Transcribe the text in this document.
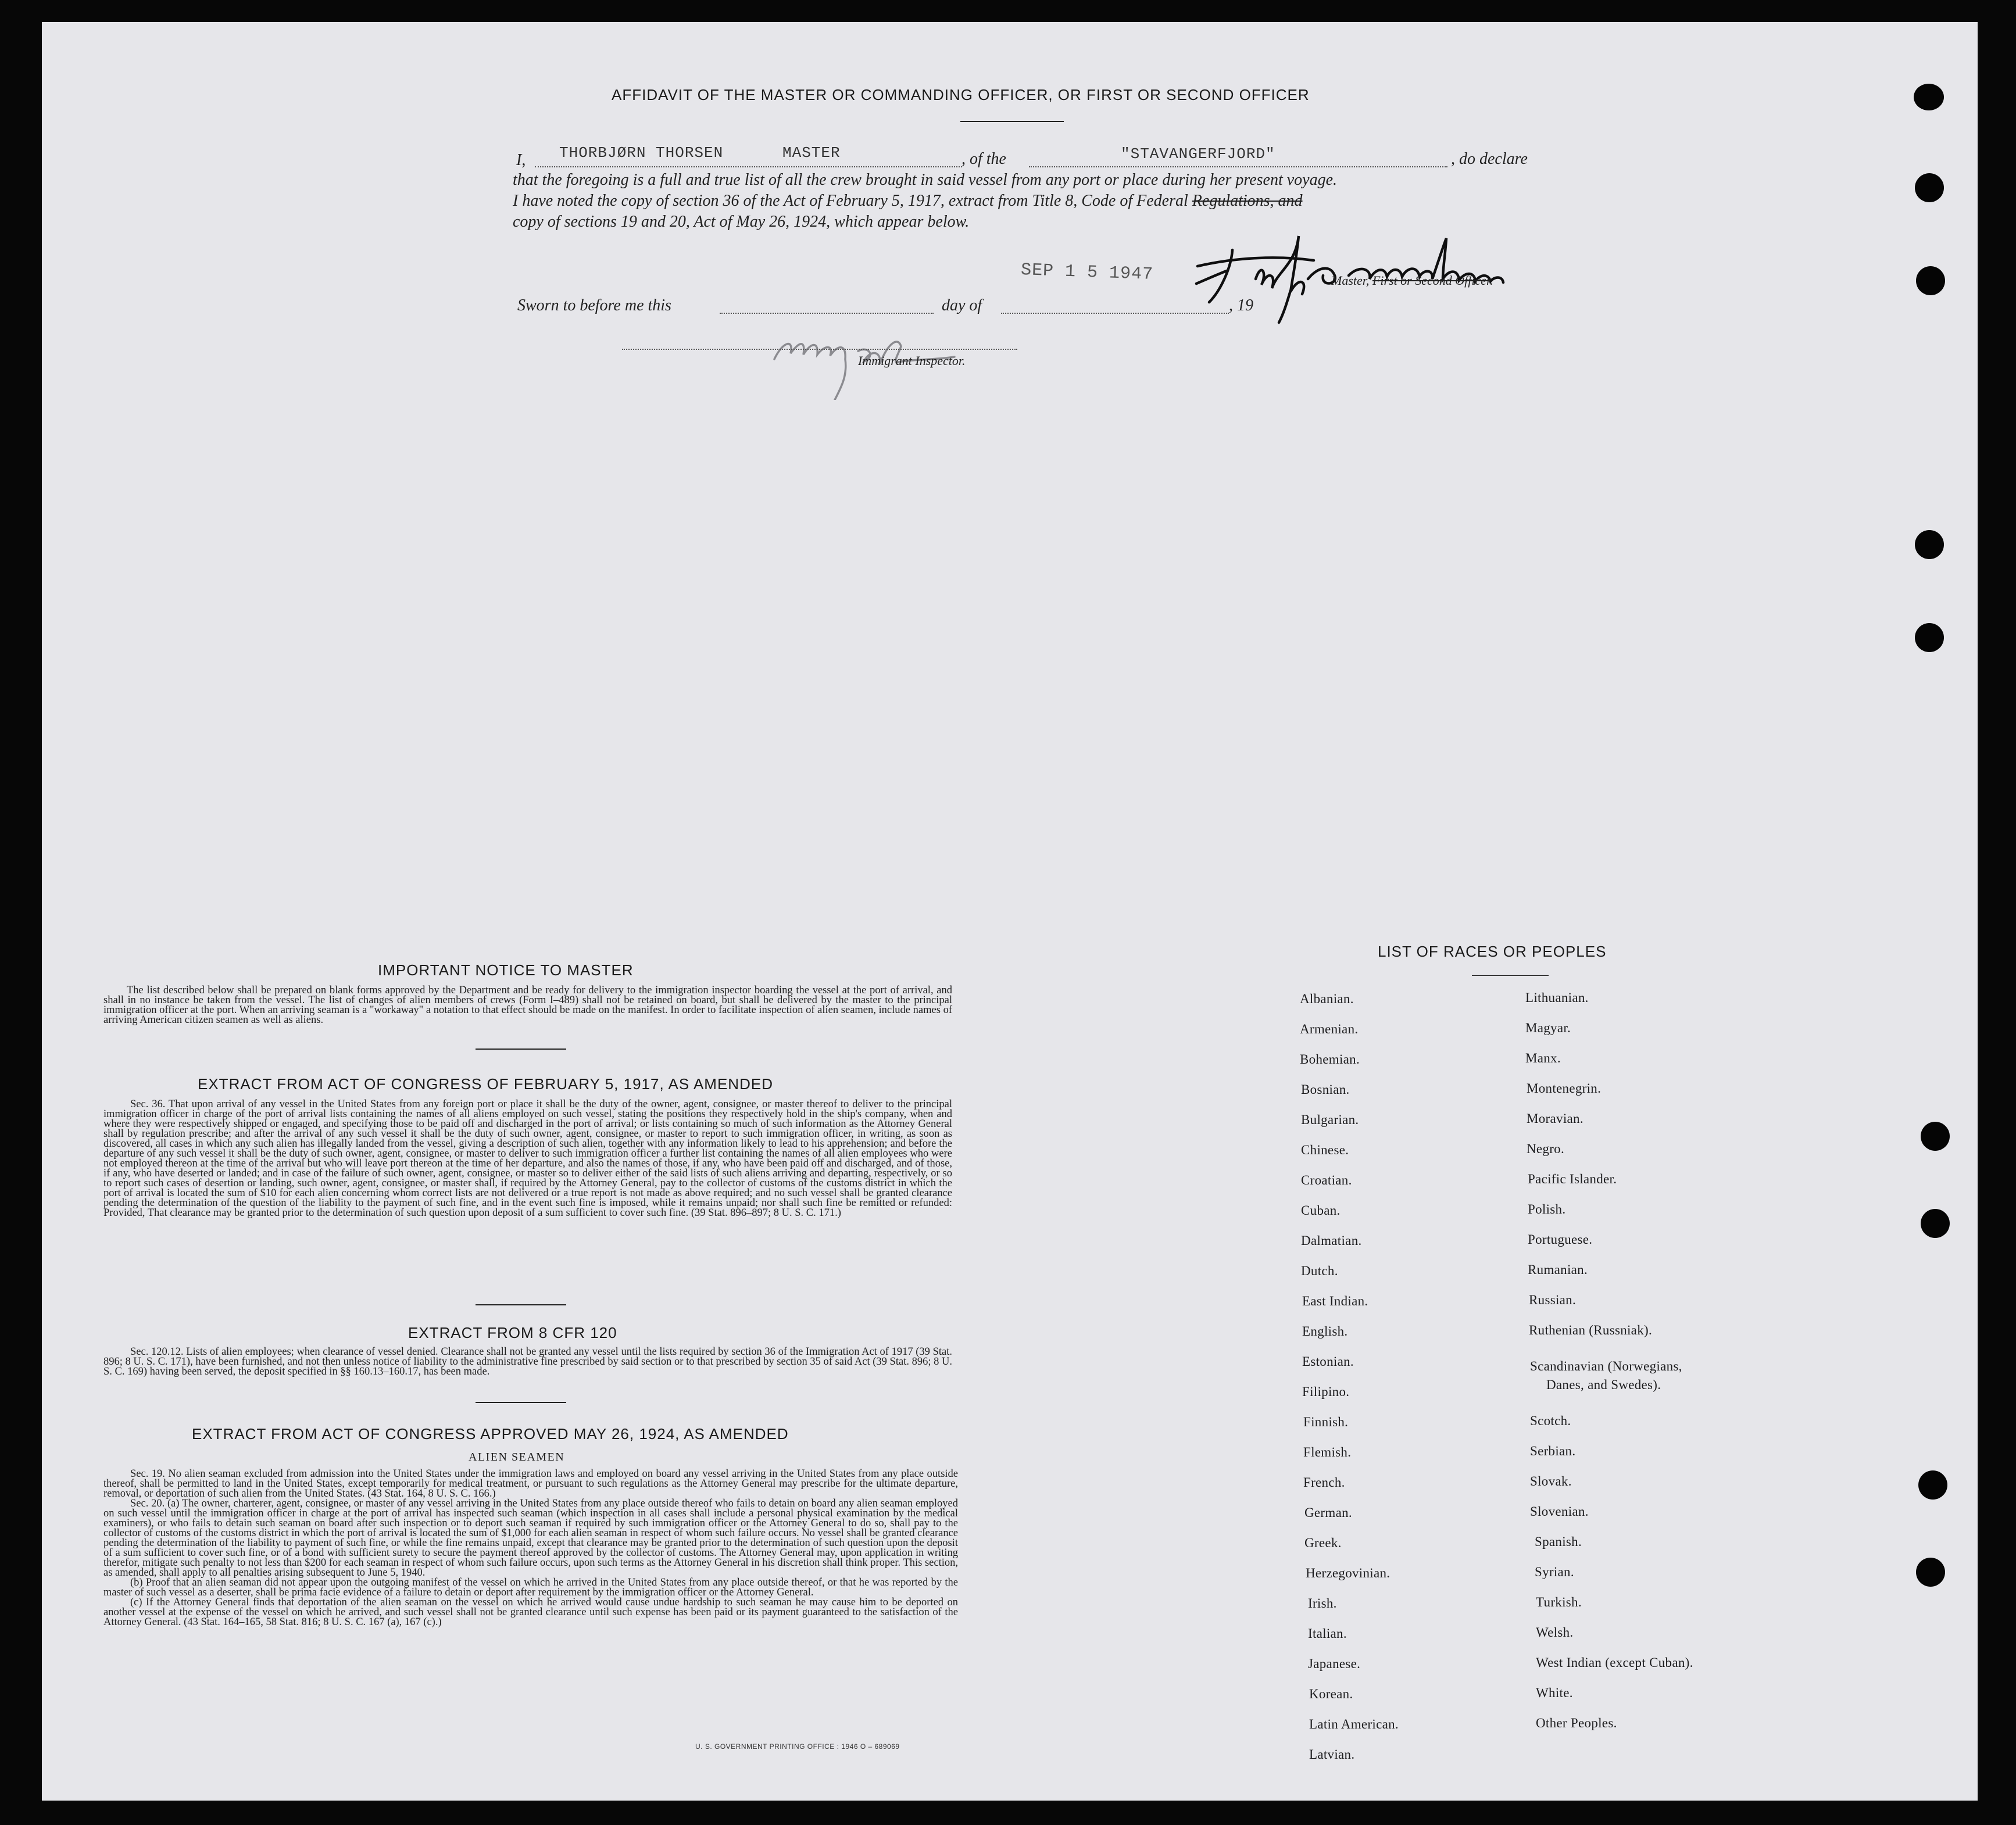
AFFIDAVIT OF THE MASTER OR COMMANDING OFFICER, OR FIRST OR SECOND OFFICER
I, THORBJØRN THORSEN	MASTER	, of the	"STAVANGERFJORD"	, do declare
that the foregoing is a full and true list of all the crew brought in said vessel from any port or place during her present voyage.
I have noted the copy of section 36 of the Act of February 5, 1917, extract from Title 8, Code of Federal Regulations, and
copy of sections 19 and 20, Act of May 26, 1924, which appear below.
Master, First or Second Officer.
SEP 1 5 1947
Sworn to before me this	day of	, 19
Immigrant Inspector.
IMPORTANT NOTICE TO MASTER
The list described below shall be prepared on blank forms approved by the Department and be ready for delivery to the immigration inspector boarding the vessel at the port of arrival, and shall in no instance be taken from the vessel. The list of changes of alien members of crews (Form I–489) shall not be retained on board, but shall be delivered by the master to the principal immigration officer at the port. When an arriving seaman is a "workaway" a notation to that effect should be made on the manifest. In order to facilitate inspection of alien seamen, include names of arriving American citizen seamen as well as aliens.
EXTRACT FROM ACT OF CONGRESS OF FEBRUARY 5, 1917, AS AMENDED
Sec. 36. That upon arrival of any vessel in the United States from any foreign port or place it shall be the duty of the owner, agent, consignee, or master thereof to deliver to the principal immigration officer in charge of the port of arrival lists containing the names of all aliens employed on such vessel, stating the positions they respectively hold in the ship's company, when and where they were respectively shipped or engaged, and specifying those to be paid off and discharged in the port of arrival; or lists containing so much of such information as the Attorney General shall by regulation prescribe; and after the arrival of any such vessel it shall be the duty of such owner, agent, consignee, or master to report to such immigration officer, in writing, as soon as discovered, all cases in which any such alien has illegally landed from the vessel, giving a description of such alien, together with any information likely to lead to his apprehension; and before the departure of any such vessel it shall be the duty of such owner, agent, consignee, or master to deliver to such immigration officer a further list containing the names of all alien employees who were not employed thereon at the time of the arrival but who will leave port thereon at the time of her departure, and also the names of those, if any, who have been paid off and discharged, and of those, if any, who have deserted or landed; and in case of the failure of such owner, agent, consignee, or master so to deliver either of the said lists of such aliens arriving and departing, respectively, or so to report such cases of desertion or landing, such owner, agent, consignee, or master shall, if required by the Attorney General, pay to the collector of customs of the customs district in which the port of arrival is located the sum of $10 for each alien concerning whom correct lists are not delivered or a true report is not made as above required; and no such vessel shall be granted clearance pending the determination of the question of the liability to the payment of such fine, and in the event such fine is imposed, while it remains unpaid; nor shall such fine be remitted or refunded: Provided, That clearance may be granted prior to the determination of such question upon deposit of a sum sufficient to cover such fine. (39 Stat. 896–897; 8 U. S. C. 171.)
EXTRACT FROM 8 CFR 120
Sec. 120.12. Lists of alien employees; when clearance of vessel denied. Clearance shall not be granted any vessel until the lists required by section 36 of the Immigration Act of 1917 (39 Stat. 896; 8 U. S. C. 171), have been furnished, and not then unless notice of liability to the administrative fine prescribed by said section or to that prescribed by section 35 of said Act (39 Stat. 896; 8 U. S. C. 169) having been served, the deposit specified in §§ 160.13–160.17, has been made.
EXTRACT FROM ACT OF CONGRESS APPROVED MAY 26, 1924, AS AMENDED
ALIEN SEAMEN

Sec. 19. No alien seaman excluded from admission into the United States under the immigration laws and employed on board any vessel arriving in the United States from any place outside thereof, shall be permitted to land in the United States, except temporarily for medical treatment, or pursuant to such regulations as the Attorney General may prescribe for the ultimate departure, removal, or deportation of such alien from the United States. (43 Stat. 164, 8 U. S. C. 166.)

Sec. 20. (a) The owner, charterer, agent, consignee, or master of any vessel arriving in the United States from any place outside thereof who fails to detain on board any alien seaman employed on such vessel until the immigration officer in charge at the port of arrival has inspected such seaman (which inspection in all cases shall include a personal physical examination by the medical examiners), or who fails to detain such seaman on board after such inspection or to deport such seaman if required by such immigration officer or the Attorney General to do so, shall pay to the collector of customs of the customs district in which the port of arrival is located the sum of $1,000 for each alien seaman in respect of whom such failure occurs. No vessel shall be granted clearance pending the determination of the liability to payment of such fine, or while the fine remains unpaid, except that clearance may be granted prior to the determination of such question upon the deposit of a sum sufficient to cover such fine, or of a bond with sufficient surety to secure the payment thereof approved by the collector of customs. The Attorney General may, upon application in writing therefor, mitigate such penalty to not less than $200 for each seaman in respect of whom such failure occurs, upon such terms as the Attorney General in his discretion shall think proper. This section, as amended, shall apply to all penalties arising subsequent to June 5, 1940.

(b) Proof that an alien seaman did not appear upon the outgoing manifest of the vessel on which he arrived in the United States from any place outside thereof, or that he was reported by the master of such vessel as a deserter, shall be prima facie evidence of a failure to detain or deport after requirement by the immigration officer or the Attorney General.

(c) If the Attorney General finds that deportation of the alien seaman on the vessel on which he arrived would cause undue hardship to such seaman he may cause him to be deported on another vessel at the expense of the vessel on which he arrived, and such vessel shall not be granted clearance until such expense has been paid or its payment guaranteed to the satisfaction of the Attorney General. (43 Stat. 164–165, 58 Stat. 816; 8 U. S. C. 167 (a), 167 (c).)

U. S. GOVERNMENT PRINTING OFFICE : 1946 O – 689069
LIST OF RACES OR PEOPLES
Albanian.
Armenian.
Bohemian.
Bosnian.
Bulgarian.
Chinese.
Croatian.
Cuban.
Dalmatian.
Dutch.
East Indian.
English.
Estonian.
Filipino.
Finnish.
Flemish.
French.
German.
Greek.
Herzegovinian.
Irish.
Italian.
Japanese.
Korean.
Latin American.
Latvian.
Lithuanian.
Magyar.
Manx.
Montenegrin.
Moravian.
Negro.
Pacific Islander.
Polish.
Portuguese.
Rumanian.
Russian.
Ruthenian (Russniak).
Scandinavian (Norwegians,
Danes, and Swedes).
Scotch.
Serbian.
Slovak.
Slovenian.
Spanish.
Syrian.
Turkish.
Welsh.
West Indian (except Cuban).
White.
Other Peoples.
